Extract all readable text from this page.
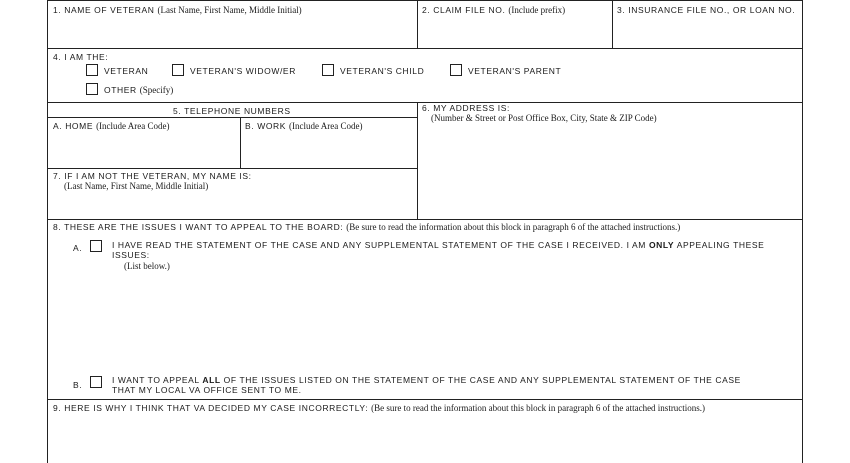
1. NAME OF VETERAN (Last Name, First Name, Middle Initial)	2. CLAIM FILE NO. (Include prefix)	3. INSURANCE FILE NO., OR LOAN NO.
4. I AM THE:
VETERAN	VETERAN'S WIDOW/ER	VETERAN'S CHILD	VETERAN'S PARENT
OTHER (Specify)
5. TELEPHONE NUMBERS
A. HOME (Include Area Code)	B. WORK (Include Area Code)
6. MY ADDRESS IS:
(Number & Street or Post Office Box, City, State & ZIP Code)
7. IF I AM NOT THE VETERAN, MY NAME IS:
(Last Name, First Name, Middle Initial)
8. THESE ARE THE ISSUES I WANT TO APPEAL TO THE BOARD: (Be sure to read the information about this block in paragraph 6 of the attached instructions.)
A.	I HAVE READ THE STATEMENT OF THE CASE AND ANY SUPPLEMENTAL STATEMENT OF THE CASE I RECEIVED. I AM ONLY APPEALING THESE
ISSUES:
(List below.)
B.	I WANT TO APPEAL ALL OF THE ISSUES LISTED ON THE STATEMENT OF THE CASE AND ANY SUPPLEMENTAL STATEMENT OF THE CASE
THAT MY LOCAL VA OFFICE SENT TO ME.
9. HERE IS WHY I THINK THAT VA DECIDED MY CASE INCORRECTLY: (Be sure to read the information about this block in paragraph 6 of the attached instructions.)
